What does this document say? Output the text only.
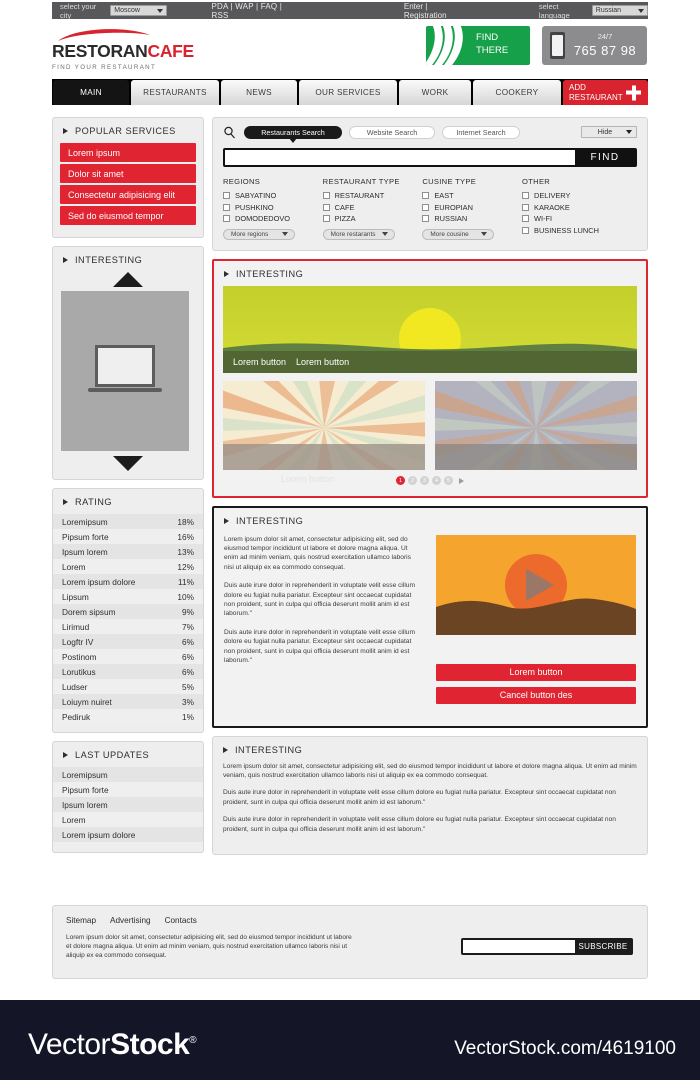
select your city	Moscow	PDA | WAP | FAQ | RSS
Enter | Registration
select language	Russian
RESTORANCAFE
FIND YOUR RESTAURANT
FIND
THERE
24/7
765 87 98
MAIN	RESTAURANTS	NEWS	OUR SERVICES	WORK	COOKERY
ADD
RESTAURANT
POPULAR SERVICES
Lorem ipsum
Dolor sit amet
Consectetur adipisicing elit
Sed do eiusmod tempor
INTERESTING
RATING
Loremipsum	18%
Pipsum forte	16%
Ipsum lorem	13%
Lorem	12%
Lorem ipsum dolore	11%
Lipsum	10%
Dorem sipsum	9%
Lirimud	7%
Logftr IV	6%
Postinom	6%
Lorutikus	6%
Ludser	5%
Loiuym nuiret	3%
Pediruk	1%
LAST UPDATES
Loremipsum
Pipsum forte
Ipsum lorem
Lorem
Lorem ipsum dolore
Restaurants Search	Website Search	Internet Search	Hide
FIND
REGIONS
SABYATINO
PUSHKINO
DOMODEDOVO
More regions
RESTAURANT TYPE
RESTAURANT
CAFE
PIZZA
More restarants
CUSINE TYPE
EAST
EUROPIAN
RUSSIAN
More cousine
OTHER
DELIVERY
KARAOKE
WI-FI
BUSINESS LUNCH
INTERESTING
Lorem button Lorem button
Lorem button	1	2	3	4	5
INTERESTING

Lorem ipsum dolor sit amet, consectetur adipisicing elit, sed do eiusmod tempor incididunt ut labore et dolore magna aliqua. Ut enim ad minim veniam, quis nostrud exercitation ullamco laboris nisi ut aliquip ex ea commodo consequat.

Duis aute irure dolor in reprehenderit in voluptate velit esse cillum dolore eu fugiat nulla pariatur. Excepteur sint occaecat cupidatat non proident, sunt in culpa qui officia deserunt mollit anim id est laborum."

Duis aute irure dolor in reprehenderit in voluptate velit esse cillum dolore eu fugiat nulla pariatur. Excepteur sint occaecat cupidatat non proident, sunt in culpa qui officia deserunt mollit anim id est laborum."

Lorem button
Cancel button des
INTERESTING

Lorem ipsum dolor sit amet, consectetur adipisicing elit, sed do eiusmod tempor incididunt ut labore et dolore magna aliqua. Ut enim ad minim veniam, quis nostrud exercitation ullamco laboris nisi ut aliquip ex ea commodo consequat.

Duis aute irure dolor in reprehenderit in voluptate velit esse cillum dolore eu fugiat nulla pariatur. Excepteur sint occaecat cupidatat non proident, sunt in culpa qui officia deserunt mollit anim id est laborum."

Duis aute irure dolor in reprehenderit in voluptate velit esse cillum dolore eu fugiat nulla pariatur. Excepteur sint occaecat cupidatat non proident, sunt in culpa qui officia deserunt mollit anim id est laborum."

Sitemap Advertising Contacts
Lorem ipsum dolor sit amet, consectetur adipisicing elit, sed do eiusmod tempor incididunt ut labore et dolore magna aliqua. Ut enim ad minim veniam, quis nostrud exercitation ullamco laboris nisi ut aliquip ex ea commodo consequat.
SUBSCRIBE
VectorStock®	VectorStock.com/4619100
